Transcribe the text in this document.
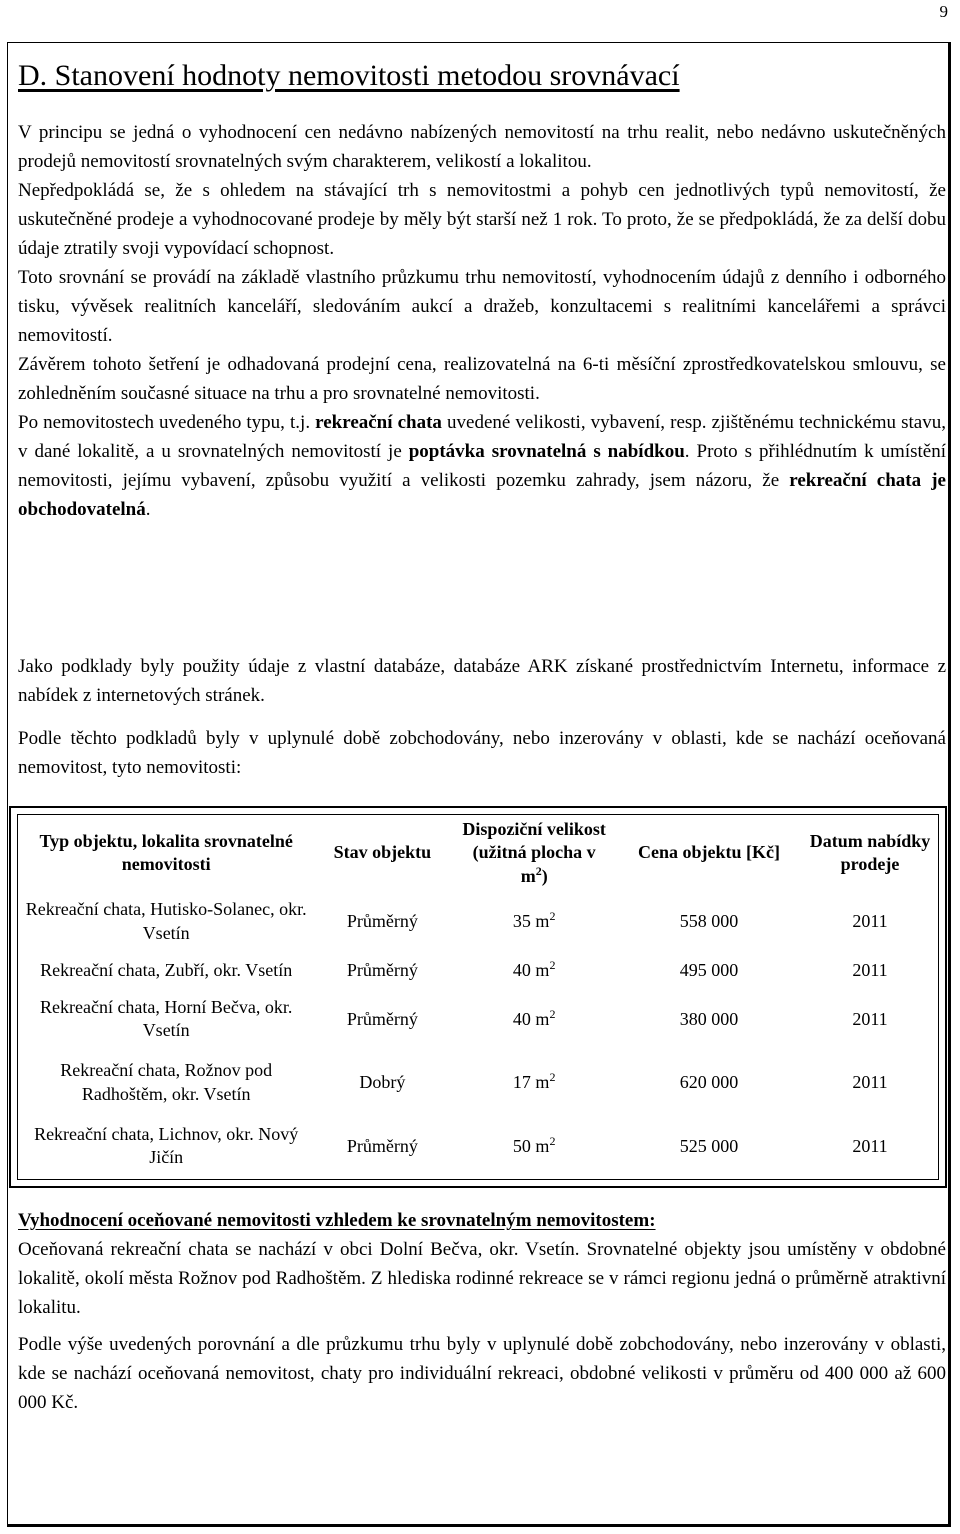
9
D. Stanovení hodnoty nemovitosti metodou srovnávací

V principu se jedná o vyhodnocení cen nedávno nabízených nemovitostí na trhu realit, nebo nedávno uskutečněných prodejů nemovitostí srovnatelných svým charakterem, velikostí a lokalitou.

Nepředpokládá se, že s ohledem na stávající trh s nemovitostmi a pohyb cen jednotlivých typů nemovitostí, že uskutečněné prodeje a vyhodnocované prodeje by měly být starší než 1 rok. To proto, že se předpokládá, že za delší dobu údaje ztratily svoji vypovídací schopnost.

Toto srovnání se provádí na základě vlastního průzkumu trhu nemovitostí, vyhodnocením údajů z denního i odborného tisku, vývěsek realitních kanceláří, sledováním aukcí a dražeb, konzultacemi s realitními kancelářemi a správci nemovitostí.

Závěrem tohoto šetření je odhadovaná prodejní cena, realizovatelná na 6-ti měsíční zprostředkovatelskou smlouvu, se zohledněním současné situace na trhu a pro srovnatelné nemovitosti.

Po nemovitostech uvedeného typu, t.j. rekreační chata uvedené velikosti, vybavení, resp. zjištěnému technickému stavu, v dané lokalitě, a u srovnatelných nemovitostí je poptávka srovnatelná s nabídkou. Proto s přihlédnutím k umístění nemovitosti, jejímu vybavení, způsobu využití a velikosti pozemku zahrady, jsem názoru, že rekreační chata je obchodovatelná.

Jako podklady byly použity údaje z vlastní databáze, databáze ARK získané prostřednictvím Internetu, informace z nabídek z internetových stránek.

Podle těchto podkladů byly v uplynulé době zobchodovány, nebo inzerovány v oblasti, kde se nachází oceňovaná nemovitost, tyto nemovitosti:

Typ objektu, lokalita srovnatelné nemovitosti	Stav objektu	Dispoziční velikost (užitná plocha v $m^2$)	Cena objektu [Kč]	Datum nabídky prodeje
Rekreační chata, Hutisko-Solanec, okr. Vsetín	Průměrný	35 $m^2$	558 000	2011
Rekreační chata, Zubří, okr. Vsetín	Průměrný	40 $m^2$	495 000	2011
Rekreační chata, Horní Bečva, okr. Vsetín	Průměrný	40 $m^2$	380 000	2011
Rekreační chata, Rožnov pod Radhoštěm, okr. Vsetín	Dobrý	17 $m^2$	620 000	2011
Rekreační chata, Lichnov, okr. Nový Jičín	Průměrný	50 $m^2$	525 000	2011

Vyhodnocení oceňované nemovitosti vzhledem ke srovnatelným nemovitostem:

Oceňovaná rekreační chata se nachází v obci Dolní Bečva, okr. Vsetín. Srovnatelné objekty jsou umístěny v obdobné lokalitě, okolí města Rožnov pod Radhoštěm. Z hlediska rodinné rekreace se v rámci regionu jedná o průměrně atraktivní lokalitu.

Podle výše uvedených porovnání a dle průzkumu trhu byly v uplynulé době zobchodovány, nebo inzerovány v oblasti, kde se nachází oceňovaná nemovitost, chaty pro individuální rekreaci, obdobné velikosti v průměru od 400 000 až 600 000 Kč.
